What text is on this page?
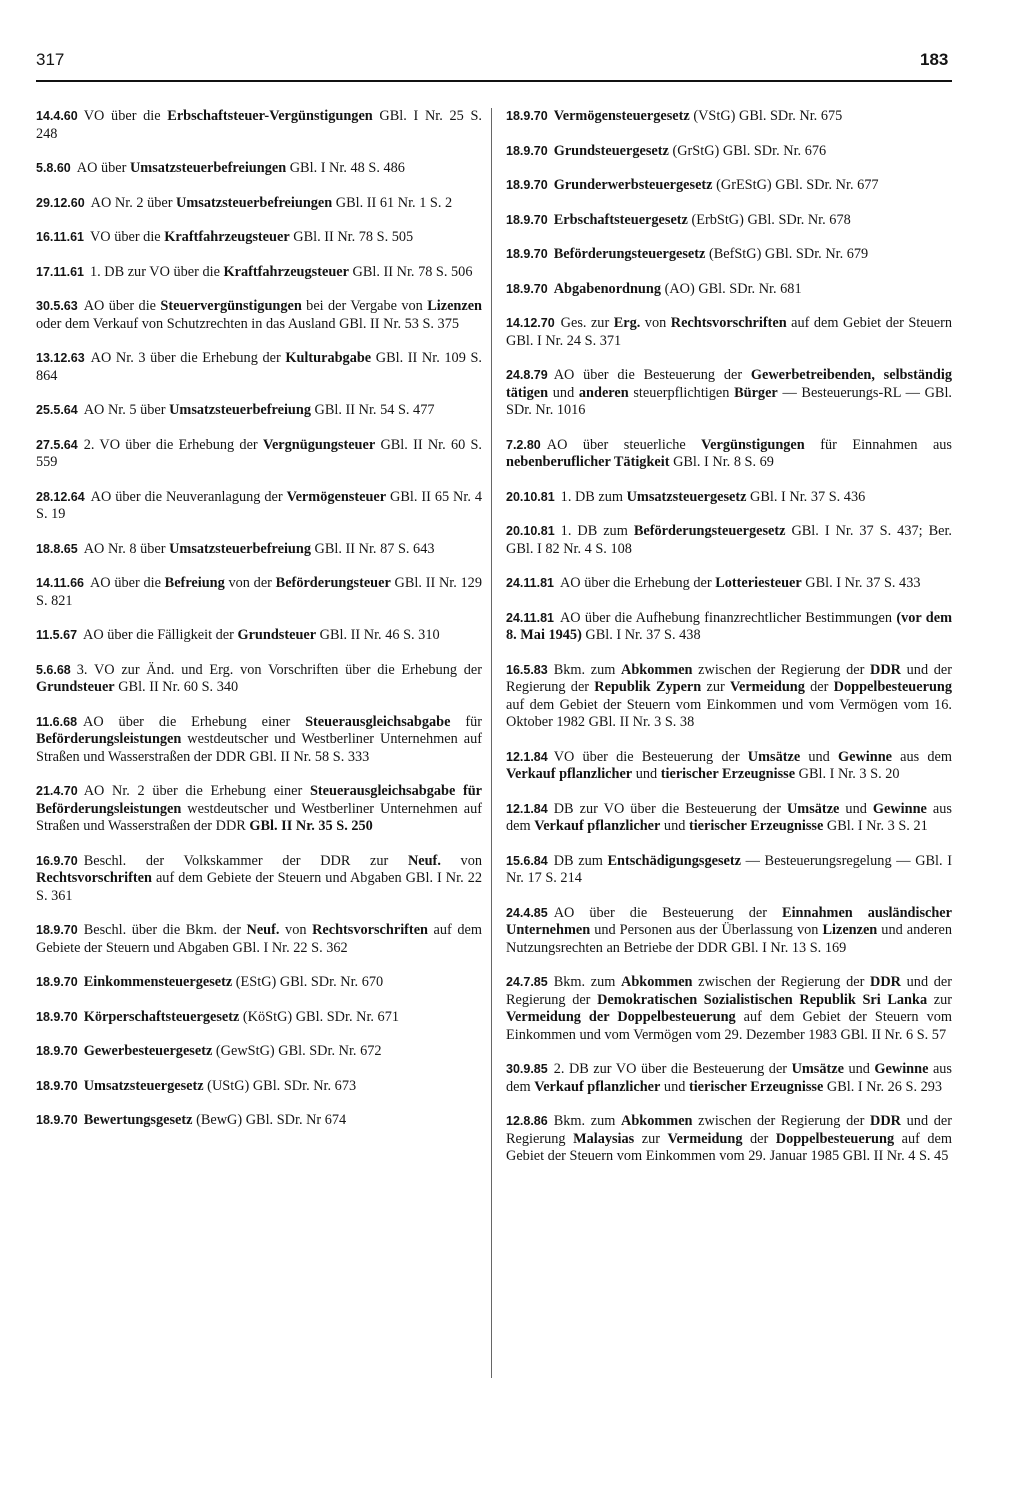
317	183

14.4.60 VO über die Erbschaftsteuer-Vergünstigungen GBl. I Nr. 25 S. 248

5.8.60 AO über Umsatzsteuerbefreiungen GBl. I Nr. 48 S. 486

29.12.60 AO Nr. 2 über Umsatzsteuerbefreiungen GBl. II 61 Nr. 1 S. 2

16.11.61 VO über die Kraftfahrzeugsteuer GBl. II Nr. 78 S. 505

17.11.61 1. DB zur VO über die Kraftfahrzeugsteuer GBl. II Nr. 78 S. 506

30.5.63 AO über die Steuervergünstigungen bei der Vergabe von Lizenzen oder dem Verkauf von Schutzrechten in das Ausland GBl. II Nr. 53 S. 375

13.12.63 AO Nr. 3 über die Erhebung der Kulturabgabe GBl. II Nr. 109 S. 864

25.5.64 AO Nr. 5 über Umsatzsteuerbefreiung GBl. II Nr. 54 S. 477

27.5.64 2. VO über die Erhebung der Vergnügungsteuer GBl. II Nr. 60 S. 559

28.12.64 AO über die Neuveranlagung der Vermögensteuer GBl. II 65 Nr. 4 S. 19

18.8.65 AO Nr. 8 über Umsatzsteuerbefreiung GBl. II Nr. 87 S. 643

14.11.66 AO über die Befreiung von der Beförderungsteuer GBl. II Nr. 129 S. 821

11.5.67 AO über die Fälligkeit der Grundsteuer GBl. II Nr. 46 S. 310

5.6.68 3. VO zur Änd. und Erg. von Vorschriften über die Erhebung der Grundsteuer GBl. II Nr. 60 S. 340

11.6.68 AO über die Erhebung einer Steuerausgleichsabgabe für Beförderungsleistungen westdeutscher und Westberliner Unternehmen auf Straßen und Wasserstraßen der DDR GBl. II Nr. 58 S. 333

21.4.70 AO Nr. 2 über die Erhebung einer Steuerausgleichsabgabe für Beförderungsleistungen westdeutscher und Westberliner Unternehmen auf Straßen und Wasserstraßen der DDR GBl. II Nr. 35 S. 250

16.9.70 Beschl. der Volkskammer der DDR zur Neuf. von Rechtsvorschriften auf dem Gebiete der Steuern und Abgaben GBl. I Nr. 22 S. 361

18.9.70 Beschl. über die Bkm. der Neuf. von Rechtsvorschriften auf dem Gebiete der Steuern und Abgaben GBl. I Nr. 22 S. 362

18.9.70 Einkommensteuergesetz (EStG) GBl. SDr. Nr. 670

18.9.70 Körperschaftsteuergesetz (KöStG) GBl. SDr. Nr. 671

18.9.70 Gewerbesteuergesetz (GewStG) GBl. SDr. Nr. 672

18.9.70 Umsatzsteuergesetz (UStG) GBl. SDr. Nr. 673

18.9.70 Bewertungsgesetz (BewG) GBl. SDr. Nr 674

18.9.70 Vermögensteuergesetz (VStG) GBl. SDr. Nr. 675

18.9.70 Grundsteuergesetz (GrStG) GBl. SDr. Nr. 676

18.9.70 Grunderwerbsteuergesetz (GrEStG) GBl. SDr. Nr. 677

18.9.70 Erbschaftsteuergesetz (ErbStG) GBl. SDr. Nr. 678

18.9.70 Beförderungsteuergesetz (BefStG) GBl. SDr. Nr. 679

18.9.70 Abgabenordnung (AO) GBl. SDr. Nr. 681

14.12.70 Ges. zur Erg. von Rechtsvorschriften auf dem Gebiet der Steuern GBl. I Nr. 24 S. 371

24.8.79 AO über die Besteuerung der Gewerbetreibenden, selbständig tätigen und anderen steuerpflichtigen Bürger — Besteuerungs-RL — GBl. SDr. Nr. 1016

7.2.80 AO über steuerliche Vergünstigungen für Einnahmen aus nebenberuflicher Tätigkeit GBl. I Nr. 8 S. 69

20.10.81 1. DB zum Umsatzsteuergesetz GBl. I Nr. 37 S. 436

20.10.81 1. DB zum Beförderungsteuergesetz GBl. I Nr. 37 S. 437; Ber. GBl. I 82 Nr. 4 S. 108

24.11.81 AO über die Erhebung der Lotteriesteuer GBl. I Nr. 37 S. 433

24.11.81 AO über die Aufhebung finanzrechtlicher Bestimmungen (vor dem 8. Mai 1945) GBl. I Nr. 37 S. 438

16.5.83 Bkm. zum Abkommen zwischen der Regierung der DDR und der Regierung der Republik Zypern zur Vermeidung der Doppelbesteuerung auf dem Gebiet der Steuern vom Einkommen und vom Vermögen vom 16. Oktober 1982 GBl. II Nr. 3 S. 38

12.1.84 VO über die Besteuerung der Umsätze und Gewinne aus dem Verkauf pflanzlicher und tierischer Erzeugnisse GBl. I Nr. 3 S. 20

12.1.84 DB zur VO über die Besteuerung der Umsätze und Gewinne aus dem Verkauf pflanzlicher und tierischer Erzeugnisse GBl. I Nr. 3 S. 21

15.6.84 DB zum Entschädigungsgesetz — Besteuerungsregelung — GBl. I Nr. 17 S. 214

24.4.85 AO über die Besteuerung der Einnahmen ausländischer Unternehmen und Personen aus der Überlassung von Lizenzen und anderen Nutzungsrechten an Betriebe der DDR GBl. I Nr. 13 S. 169

24.7.85 Bkm. zum Abkommen zwischen der Regierung der DDR und der Regierung der Demokratischen Sozialistischen Republik Sri Lanka zur Vermeidung der Doppelbesteuerung auf dem Gebiet der Steuern vom Einkommen und vom Vermögen vom 29. Dezember 1983 GBl. II Nr. 6 S. 57

30.9.85 2. DB zur VO über die Besteuerung der Umsätze und Gewinne aus dem Verkauf pflanzlicher und tierischer Erzeugnisse GBl. I Nr. 26 S. 293

12.8.86 Bkm. zum Abkommen zwischen der Regierung der DDR und der Regierung Malaysias zur Vermeidung der Doppelbesteuerung auf dem Gebiet der Steuern vom Einkommen vom 29. Januar 1985 GBl. II Nr. 4 S. 45
